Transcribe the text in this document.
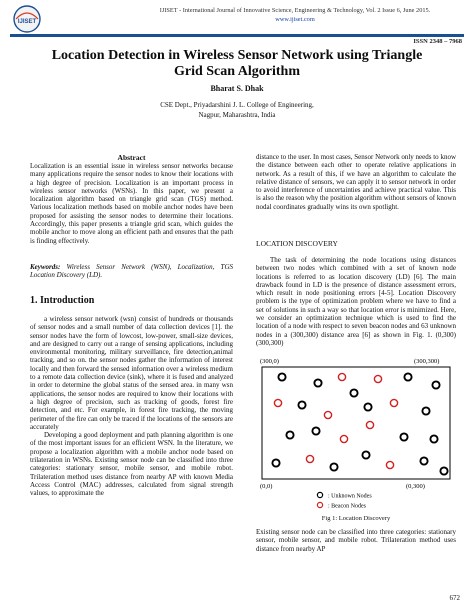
IJISET
IJISET - International Journal of Innovative Science, Engineering & Technology, Vol. 2 Issue 6, June 2015.
www.ijiset.com
ISSN 2348 – 7968
Location Detection in Wireless Sensor Network using Triangle
Grid Scan Algorithm
Bharat S. Dhak
CSE Dept., Priyadarshini J. L. College of Engineering,
Nagpur, Maharashtra, India
Abstract
Localization is an essential issue in wireless sensor networks because many applications require the sensor nodes to know their locations with a high degree of precision. Localization is an important process in wireless sensor networks (WSNs). In this paper, we present a localization algorithm based on triangle grid scan (TGS) method. Various localization methods based on mobile anchor nodes have been proposed for assisting the sensor nodes to determine their locations. Accordingly, this paper presents a triangle grid scan, which guides the mobile anchor to move along an efficient path and ensures that the path is finding effectively.
Keywords: Wireless Sensor Network (WSN), Localization, TGS Location Discovery (LD).
1. Introduction
a wireless sensor network (wsn) consist of hundreds or thousands of sensor nodes and a small number of data collection devices [1]. the sensor nodes have the form of lowcost, low-power, small-size devices, and are designed to carry out a range of sensing applications, including environmental monitoring, military surveillance, fire detection,animal tracking, and so on. the sensor nodes gather the information of interest locally and then forward the sensed information over a wireless medium to a remote data collection device (sink), where it is fused and analyzed in order to determine the global status of the sensed area. in many wsn applications, the sensor nodes are required to know their locations with a high degree of precision, such as tracking of goods, forest fire detection, and etc. For example, in forest fire tracking, the moving perimeter of the fire can only be traced if the locations of the sensors are accurately
Developing a good deployment and path planning algorithm is one of the most important issues for an efficient WSN. In the literature, we propose a localization algorithm with a mobile anchor node based on trilateration in WSNs. Existing sensor node can be classified into three categories: stationary sensor, mobile sensor, and mobile robot. Trilateration method uses distance from nearby AP with known Media Access Control (MAC) addresses, calculated from signal strength values, to approximate the
distance to the user. In most cases, Sensor Network only needs to know the distance between each other to operate relative applications in network. As a result of this, if we have an algorithm to calculate the relative distance of sensors, we can apply it to sensor network in order to avoid interference of uncertainties and achieve practical value. This is also the reason why the position algorithm without sensors of known nodal coordinates gradually wins its own spotlight.
LOCATION DISCOVERY
The task of determining the node locations using distances between two nodes which combined with a set of known node locations is referred to as location discovery (LD) [6]. The main drawback found in LD is the presence of distance assessment errors, which result in node positioning errors [4-5]. Location Discovery problem is the type of optimization problem where we have to find a set of solutions in such a way so that location error is minimized. Here, we consider an optimization technique which is used to find the location of a node with respect to seven beacon nodes and 63 unknown nodes in a (300,300) distance area [6] as shown in Fig. 1. (0,300) (300,300)
(300,0)	(300,300)
(0,0)	(0,300)
: Unknown Nodes
: Beacon Nodes
Fig 1: Location Discovery
Existing sensor node can be classified into three categories: stationary sensor, mobile sensor, and mobile robot. Trilateration method uses distance from nearby AP
672
